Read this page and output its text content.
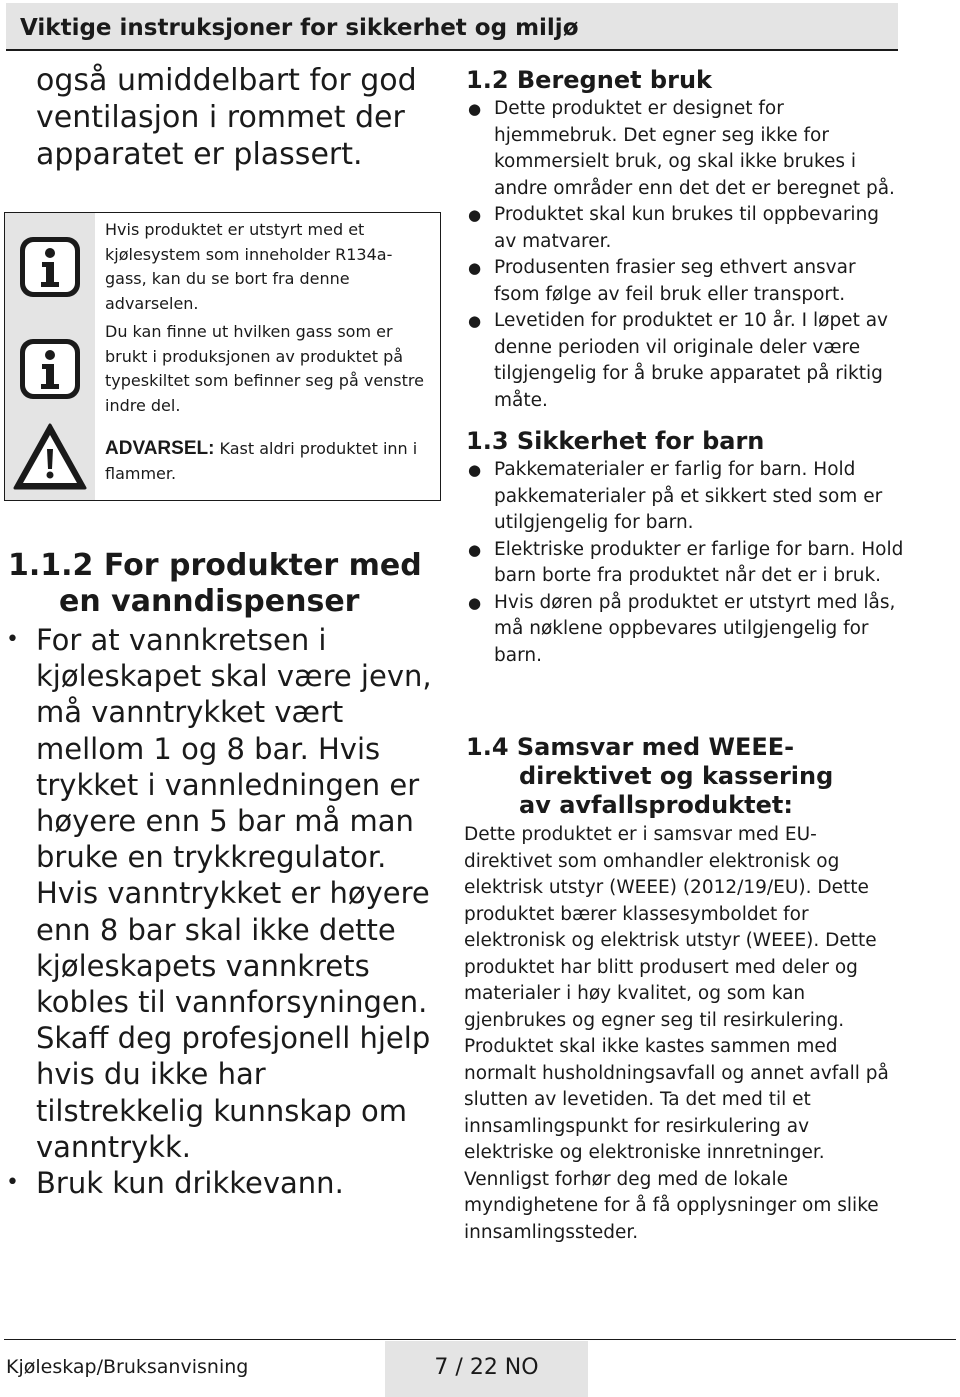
Viktige instruksjoner for sikkerhet og miljø
også umiddelbart for god
ventilasjon i rommet der
apparatet er plassert.
Hvis produktet er utstyrt med et kjølesystem som inneholder R134a-gass, kan du se bort fra denne advarselen.
Du kan finne ut hvilken gass som er brukt i produksjonen av produktet på typeskiltet som befinner seg på venstre indre del.
ADVARSEL: Kast aldri produktet inn i flammer.
1.1.2 For produkter med
en vanndispenser
• For at vannkretsen i kjøleskapet skal være jevn, må vanntrykket vært mellom 1 og 8 bar. Hvis trykket i vannledningen er høyere enn 5 bar må man bruke en trykkregulator. Hvis vanntrykket er høyere enn 8 bar skal ikke dette kjøleskapets vannkrets kobles til vannforsyningen. Skaff deg profesjonell hjelp hvis du ikke har tilstrekkelig kunnskap om vanntrykk.
• Bruk kun drikkevann.
1.2 Beregnet bruk
● Dette produktet er designet for hjemmebruk. Det egner seg ikke for kommersielt bruk, og skal ikke brukes i andre områder enn det det er beregnet på.
● Produktet skal kun brukes til oppbevaring av matvarer.
● Produsenten frasier seg ethvert ansvar fsom følge av feil bruk eller transport.
● Levetiden for produktet er 10 år. I løpet av denne perioden vil originale deler være tilgjengelig for å bruke apparatet på riktig måte.
1.3 Sikkerhet for barn
● Pakkematerialer er farlig for barn. Hold pakkematerialer på et sikkert sted som er utilgjengelig for barn.
● Elektriske produkter er farlige for barn. Hold barn borte fra produktet når det er i bruk.
● Hvis døren på produktet er utstyrt med lås, må nøklene oppbevares utilgjengelig for barn.
1.4 Samsvar med WEEE-
direktivet og kassering
av avfallsproduktet:
Dette produktet er i samsvar med EU-direktivet som omhandler elektronisk og elektrisk utstyr (WEEE) (2012/19/EU). Dette produktet bærer klassesymboldet for elektronisk og elektrisk utstyr (WEEE). Dette produktet har blitt produsert med deler og materialer i høy kvalitet, og som kan gjenbrukes og egner seg til resirkulering. Produktet skal ikke kastes sammen med normalt husholdningsavfall og annet avfall på slutten av levetiden. Ta det med til et innsamlingspunkt for resirkulering av elektriske og elektroniske innretninger. Vennligst forhør deg med de lokale myndighetene for å få opplysninger om slike innsamlingssteder.
Kjøleskap/Bruksanvisning	7 / 22 NO
